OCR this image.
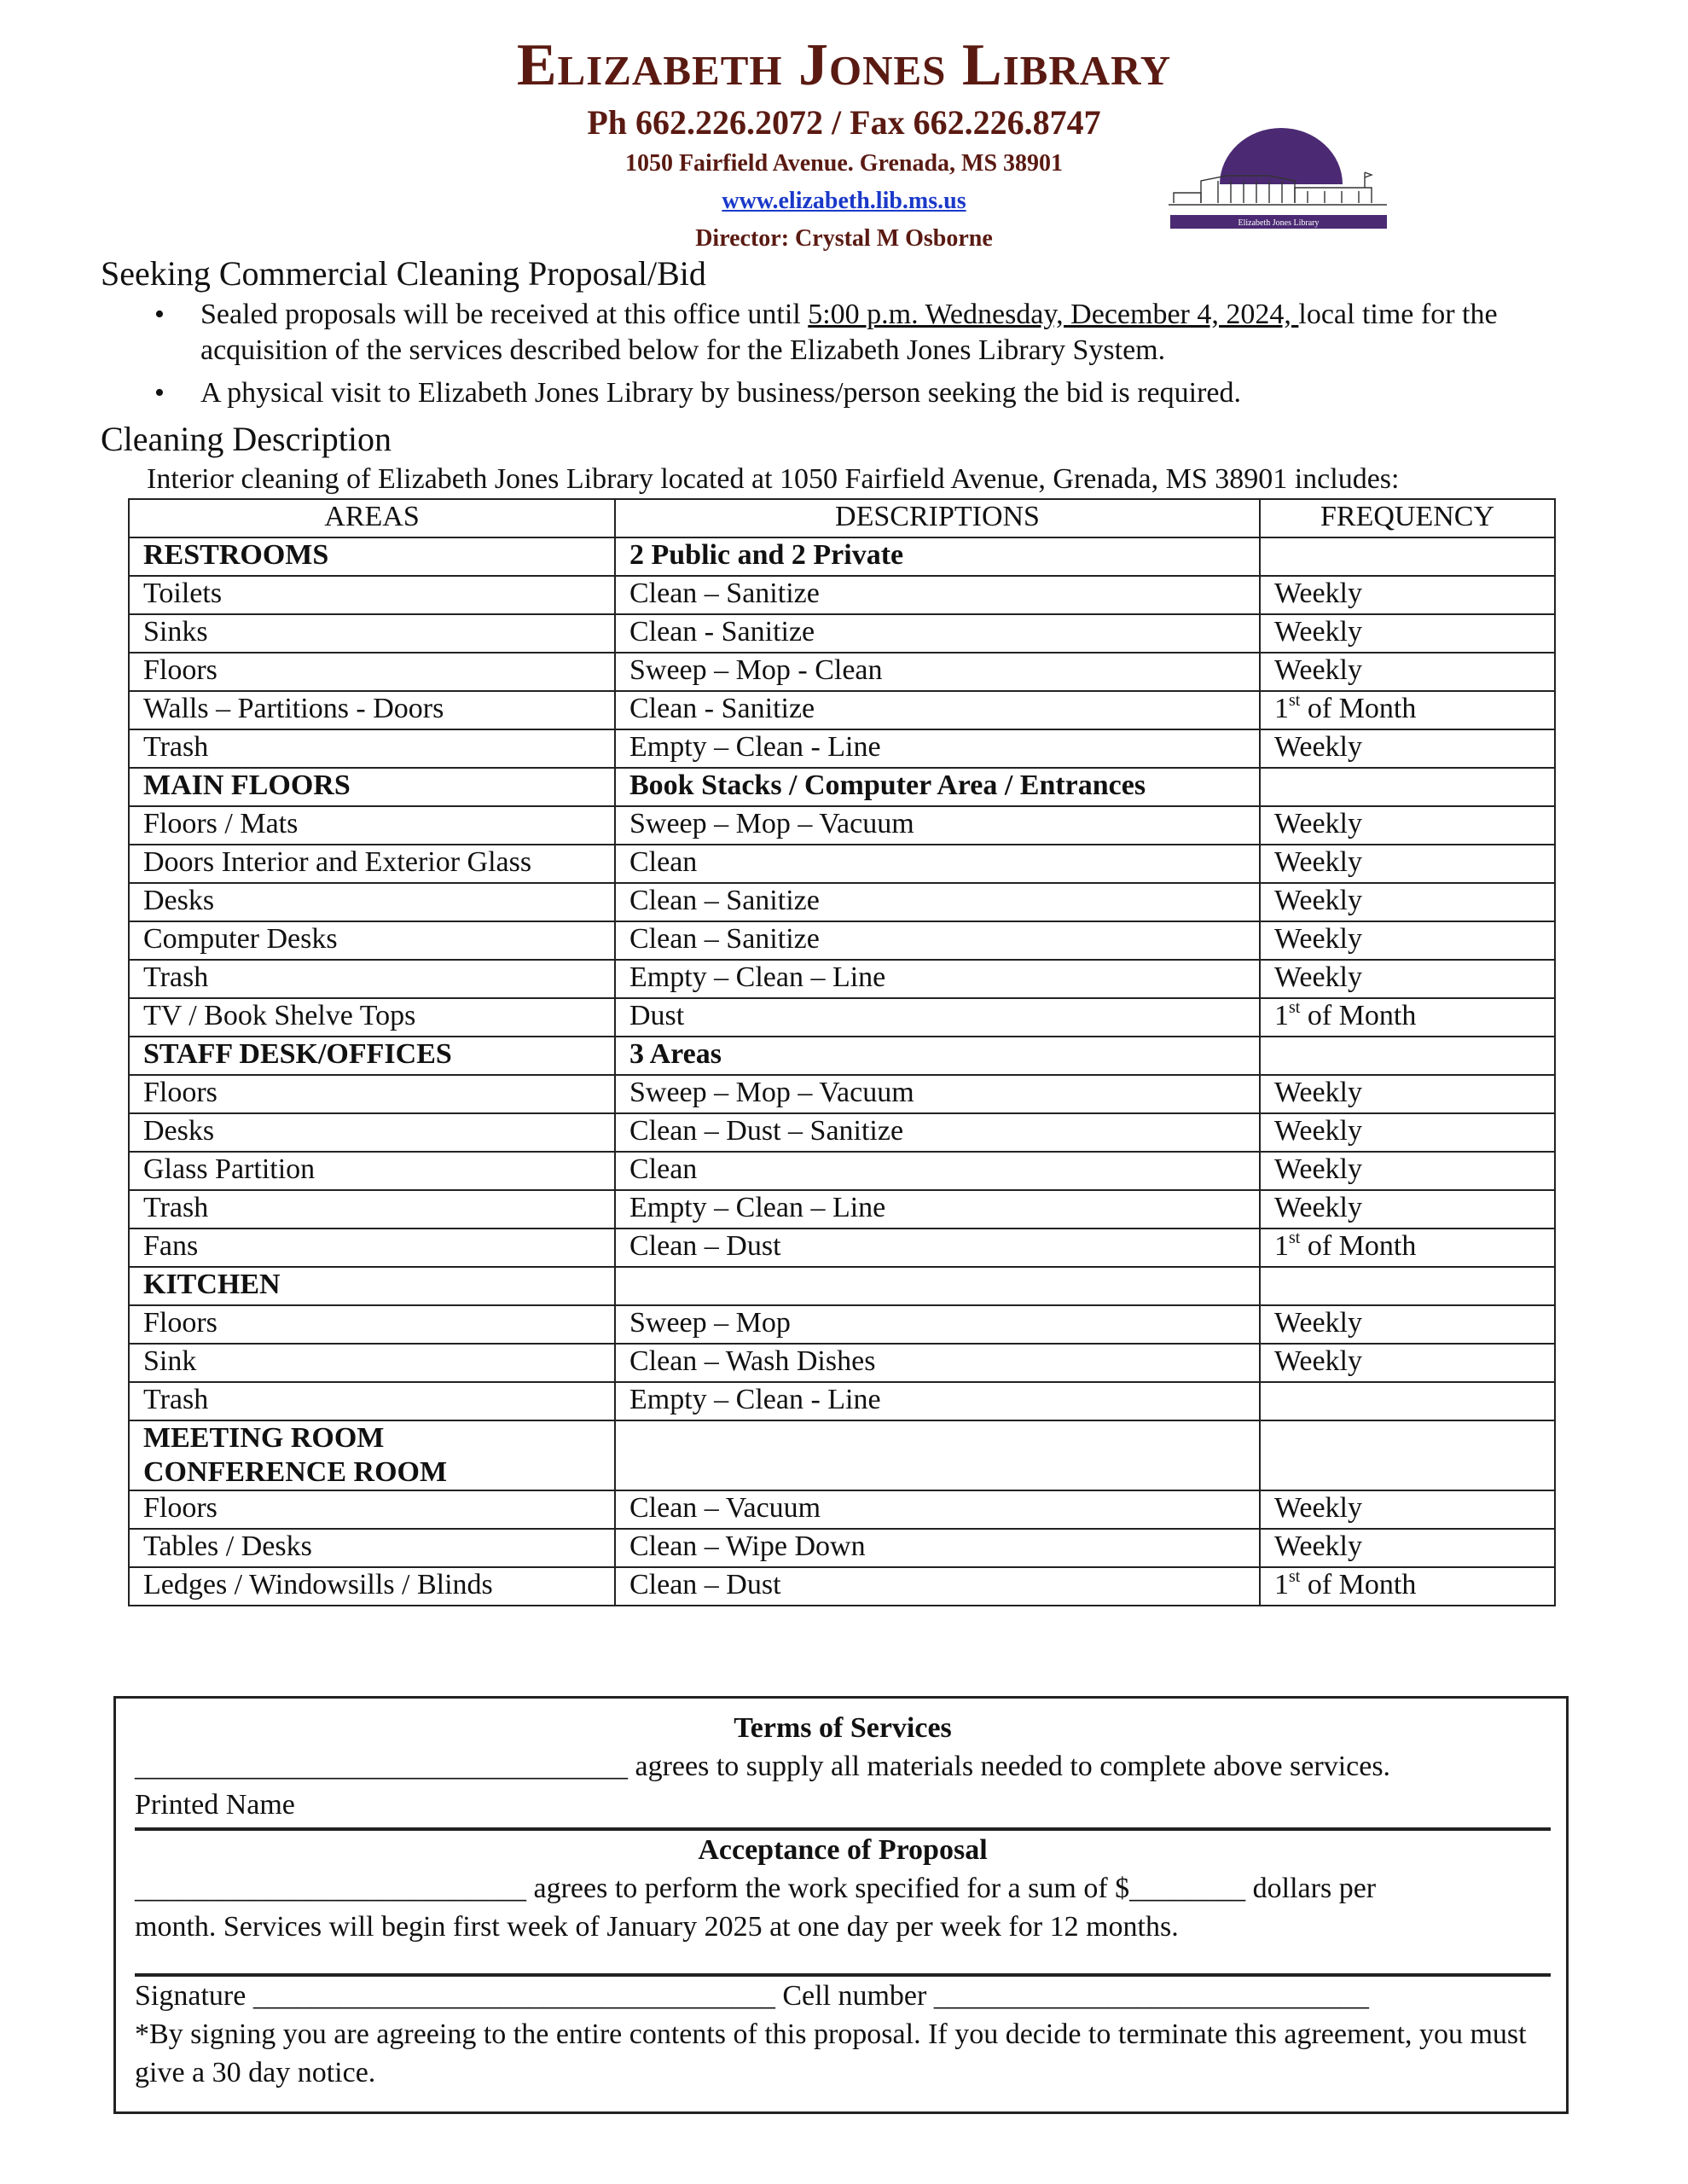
Elizabeth Jones Library
Ph 662.226.2072 / Fax 662.226.8747
1050 Fairfield Avenue. Grenada, MS 38901
www.elizabeth.lib.ms.us
Director: Crystal M Osborne
Elizabeth Jones Library
Seeking Commercial Cleaning Proposal/Bid
• Sealed proposals will be received at this office until 5:00 p.m. Wednesday, December 4, 2024, local time for the acquisition of the services described below for the Elizabeth Jones Library System.
• A physical visit to Elizabeth Jones Library by business/person seeking the bid is required.
Cleaning Description
Interior cleaning of Elizabeth Jones Library located at 1050 Fairfield Avenue, Grenada, MS 38901 includes:
AREAS	DESCRIPTIONS	FREQUENCY
RESTROOMS	2 Public and 2 Private	
Toilets	Clean – Sanitize	Weekly
Sinks	Clean - Sanitize	Weekly
Floors	Sweep – Mop - Clean	Weekly
Walls – Partitions - Doors	Clean - Sanitize	1st of Month
Trash	Empty – Clean - Line	Weekly
MAIN FLOORS	Book Stacks / Computer Area / Entrances	
Floors / Mats	Sweep – Mop – Vacuum	Weekly
Doors Interior and Exterior Glass	Clean	Weekly
Desks	Clean – Sanitize	Weekly
Computer Desks	Clean – Sanitize	Weekly
Trash	Empty – Clean – Line	Weekly
TV / Book Shelve Tops	Dust	1st of Month
STAFF DESK/OFFICES	3 Areas	
Floors	Sweep – Mop – Vacuum	Weekly
Desks	Clean – Dust – Sanitize	Weekly
Glass Partition	Clean	Weekly
Trash	Empty – Clean – Line	Weekly
Fans	Clean – Dust	1st of Month
KITCHEN		
Floors	Sweep – Mop	Weekly
Sink	Clean – Wash Dishes	Weekly
Trash	Empty – Clean - Line	
MEETING ROOM
CONFERENCE ROOM		
Floors	Clean – Vacuum	Weekly
Tables / Desks	Clean – Wipe Down	Weekly
Ledges / Windowsills / Blinds	Clean – Dust	1st of Month
Terms of Services
__________________________________ agrees to supply all materials needed to complete above services.
Printed Name
Acceptance of Proposal
___________________________ agrees to perform the work specified for a sum of $________ dollars per
month. Services will begin first week of January 2025 at one day per week for 12 months.
Signature ____________________________________ Cell number ______________________________
*By signing you are agreeing to the entire contents of this proposal. If you decide to terminate this agreement, you must give a 30 day notice.
